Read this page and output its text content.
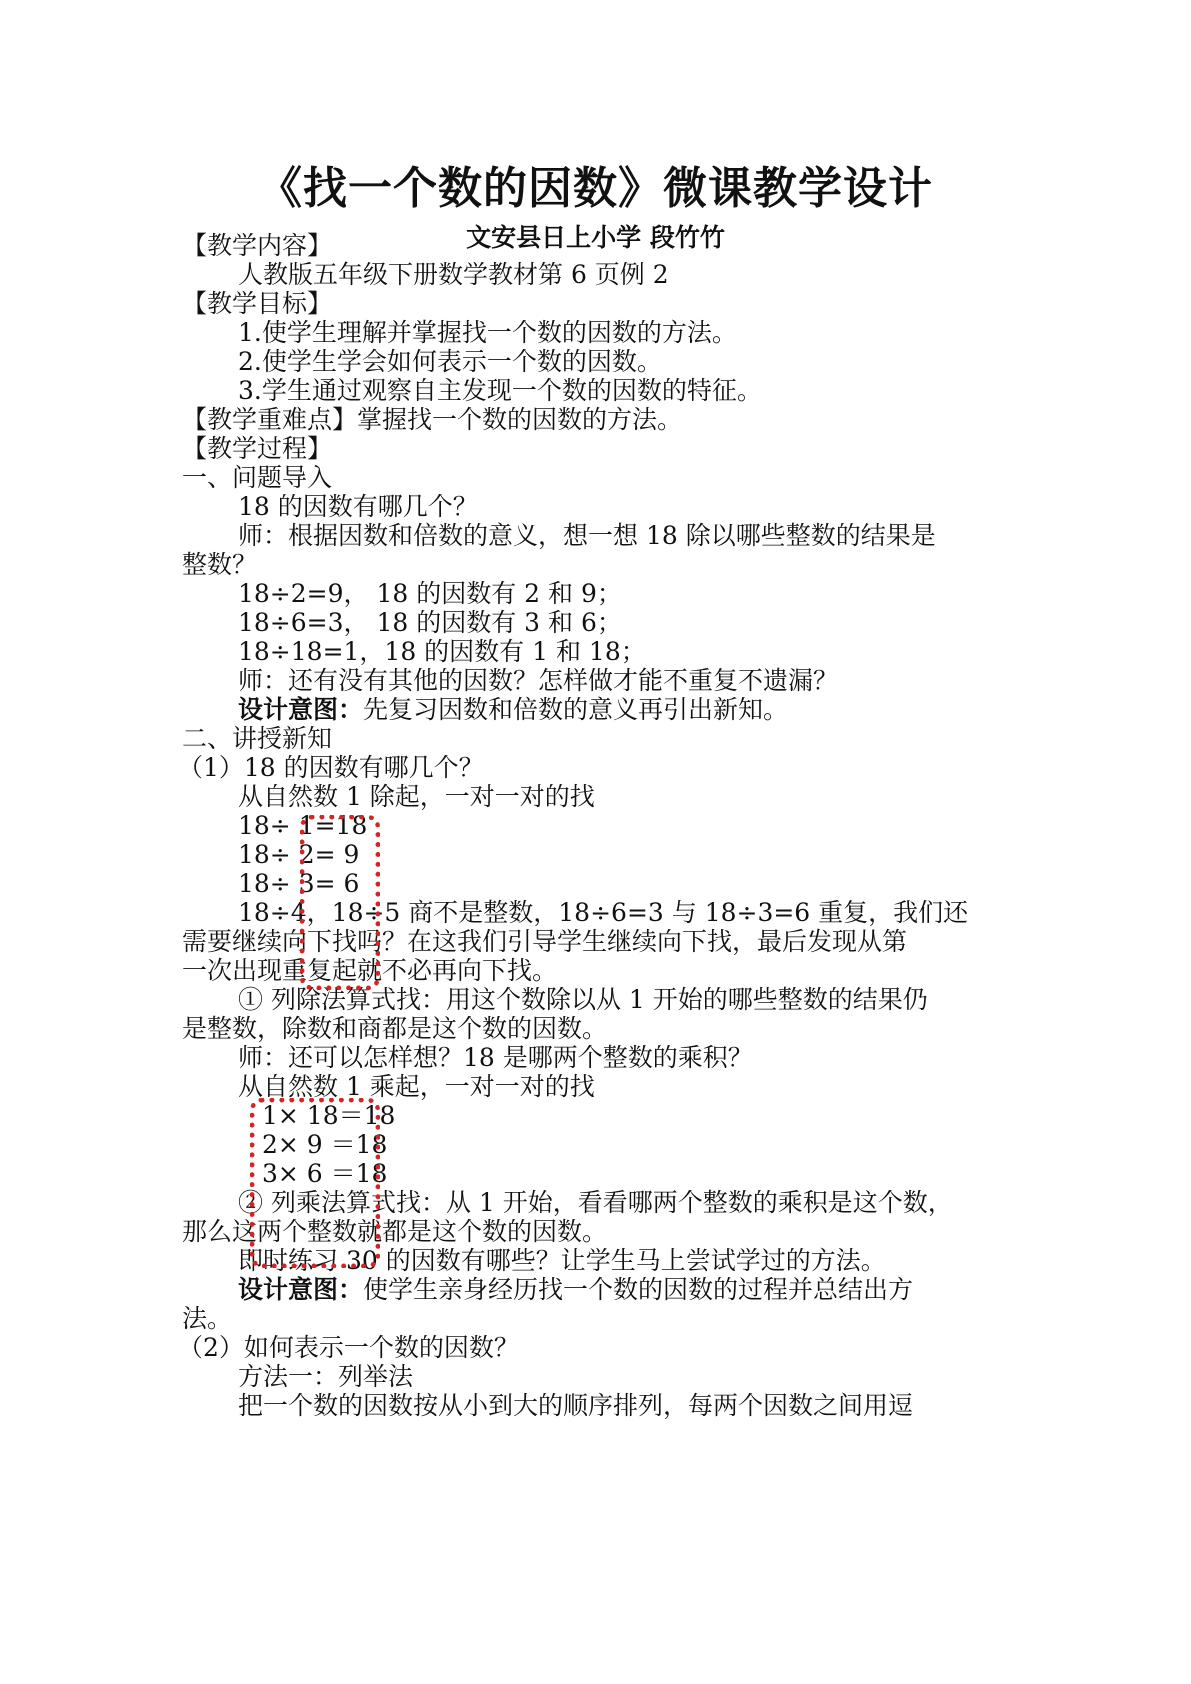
《找一个数的因数》微课教学设计
文安县日上小学 段竹竹
【教学内容】
人教版五年级下册数学教材第 6 页例 2
【教学目标】
1.使学生理解并掌握找一个数的因数的方法。
2.使学生学会如何表示一个数的因数。
3.学生通过观察自主发现一个数的因数的特征。
【教学重难点】掌握找一个数的因数的方法。
【教学过程】
一、问题导入
18 的因数有哪几个？
师：根据因数和倍数的意义，想一想 18 除以哪些整数的结果是
整数？
18÷2=9， 18 的因数有 2 和 9；
18÷6=3， 18 的因数有 3 和 6；
18÷18=1，18 的因数有 1 和 18；
师：还有没有其他的因数？怎样做才能不重复不遗漏？
设计意图：先复习因数和倍数的意义再引出新知。
二、讲授新知
（1）18 的因数有哪几个？
从自然数 1 除起，一对一对的找
18÷ 1=18
18÷ 2= 9
18÷ 3= 6
18÷4，18÷5 商不是整数，18÷6=3 与 18÷3=6 重复，我们还
需要继续向下找吗？在这我们引导学生继续向下找，最后发现从第
一次出现重复起就不必再向下找。
① 列除法算式找：用这个数除以从 1 开始的哪些整数的结果仍
是整数，除数和商都是这个数的因数。
师：还可以怎样想？18 是哪两个整数的乘积？
从自然数 1 乘起，一对一对的找
1× 18＝18
2× 9 ＝18
3× 6 ＝18
② 列乘法算式找：从 1 开始，看看哪两个整数的乘积是这个数，
那么这两个整数就都是这个数的因数。
即时练习 30 的因数有哪些？让学生马上尝试学过的方法。
设计意图：使学生亲身经历找一个数的因数的过程并总结出方
法。
（2）如何表示一个数的因数？
方法一：列举法
把一个数的因数按从小到大的顺序排列，每两个因数之间用逗
